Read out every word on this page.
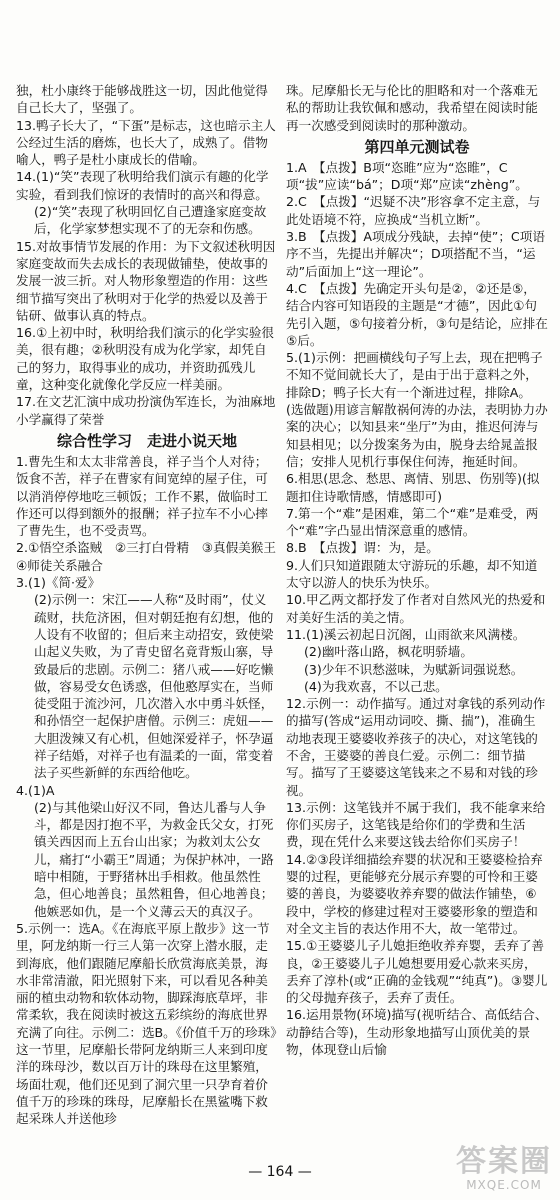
独，杜小康终于能够战胜这一切，因此他觉得自己长大了，坚强了。

13.鸭子长大了，“下蛋”是标志，这也暗示主人公经过生活的磨炼，也长大了，成熟了。借物喻人，鸭子是杜小康成长的借喻。

14.(1)“笑”表现了秋明给我们演示有趣的化学实验，看到我们惊讶的表情时的高兴和得意。

(2)“笑”表现了秋明回忆自己遭逢家庭变故后，化学家梦想实现不了的无奈和伤感。

15.对故事情节发展的作用：为下文叙述秋明因家庭变故而失去成长的表现做铺垫，使故事的发展一波三折。对人物形象塑造的作用：这些细节描写突出了秋明对于化学的热爱以及善于钻研、做事认真的特点。

16.①上初中时，秋明给我们演示的化学实验很美，很有趣；②秋明没有成为化学家，却凭自己的努力，取得事业的成功，并资助孤残儿童，这种变化就像化学反应一样美丽。

17.在文艺汇演中成功扮演伪军连长，为油麻地小学赢得了荣誉

综合性学习　走进小说天地

1.曹先生和太太非常善良，祥子当个人对待；饭食不苦，祥子在曹家有间宽绰的屋子住，可以消消停停地吃三顿饭；工作不累，做临时工作还可以得到额外的报酬；祥子拉车不小心摔了曹先生，也不受责骂。

2.①悟空杀盗贼　②三打白骨精　③真假美猴王　④师徒关系融合

3.(1)《简·爱》

(2)示例一：宋江——人称“及时雨”，仗义疏财，扶危济困，但对朝廷抱有幻想，他的人设有不收留的；但后来主动招安，致使梁山起义失败，为了青史留名竟背叛山寨，导致最后的悲剧。示例二：猪八戒——好吃懒做，容易受女色诱惑，但他憨厚实在，当师徒受阻于流沙河，几次潜入水中勇斗妖怪，和孙悟空一起保护唐僧。示例三：虎妞——大胆泼辣又有心机，但她深爱祥子，怀孕逼祥子结婚，对祥子也有温柔的一面，常变着法子买些新鲜的东西给他吃。

4.(1)A

(2)与其他梁山好汉不同，鲁达儿番与人争斗，都是因打抱不平，为救金氏父女，打死镇关西因而上五台山出家；为救刘太公女儿，痛打“小霸王”周通；为保护林冲，一路暗中相随，于野猪林出手相救。他虽然性急，但心地善良；虽然粗鲁，但心地善良；他嫉恶如仇，是一个义薄云天的真汉子。

5.示例一：选A。《在海底平原上散步》这一节里，阿龙纳斯一行三人第一次穿上潜水服，走到海底，他们跟随尼摩船长欣赏海底美景，海水非常清澈，阳光照射下来，可以看见各种美丽的植虫动物和软体动物，脚踩海底草坪，非常柔软，我在阅读时被这五彩缤纷的海底世界充满了向往。示例二：选B。《价值千万的珍珠》这一节里，尼摩船长带阿龙纳斯三人来到印度洋的珠母沙，数以百万计的珠母在这里繁殖，场面壮观，他们还见到了洞穴里一只孕育着价值千万的珍珠的珠母，尼摩船长在黑鲨嘴下救起采珠人并送他珍

珠。尼摩船长无与伦比的胆略和对一个落难无私的帮助让我钦佩和感动，我希望在阅读时能再一次感受到阅读时的那种激动。

第四单元测试卷

1.A　【点拨】B项“恣睢”应为“恣睢”，C项“拔”应读“bá”；D项“郑”应读“zhèng”。

2.C　【点拨】“迟疑不决”形容拿不定主意，与此处语境不符，应换成“当机立断”。

3.B　【点拨】A项成分残缺，去掉“使”；C项语序不当，先提出并解决“；D项搭配不当，“运动”后面加上“这一理论”。

4.C　【点拨】先确定开头句是②，②还是⑤，结合内容可知语段的主题是“才德”，因此①句先引入题，⑤句接着分析，③句是结论，应排在⑤后。

5.(1)示例：把画横线句子写上去，现在把鸭子不知不觉间就长大了，是由于出于意料之外，排除D；鸭子长大有一个渐进过程，排除A。(选做题)用谚言解散祸何涛的办法，表明协力办案的决心；以知县来“坐厅”为由，推迟何涛与知县相见；以分拨案务为由，脱身去给晁盖报信；安排人见机行事保住何涛，拖延时间。

6.相思(思念、愁思、离情、别思、伤别等)(拟题扣住诗歌情感，情感即可)

7.第一个“难”是困难，第二个“难”是难受，两个“难”字凸显出情深意重的感情。

8.B　【点拨】谓：为，是。

9.人们只知道跟随太守游玩的乐趣，却不知道太守以游人的快乐为快乐。

10.甲乙两文都抒发了作者对自然风光的热爱和对美好生活的美之情。

11.(1)溪云初起日沉阁，山雨欲来风满楼。

(2)幽叶落山路，枫花明骄墙。

(3)少年不识愁滋味，为赋新词强说愁。

(4)为我欢喜，不以己悲。

12.示例一：动作描写。通过对拿钱的系列动作的描写(答成“运用动词咬、撕、揣”)，准确生动地表现王婆婆收养孩子的决心，对这笔钱的不舍，王婆婆的善良仁爱。示例二：细节描写。描写了王婆婆这笔钱来之不易和对钱的珍视。

13.示例：这笔钱并不属于我们，我不能拿来给你们买房子，这笔钱是给你们的学费和生活费，现在凭什么来要这钱去给你们买房子！

14.②③段详细描绘弃婴的状况和王婆婆检拾弃婴的过程，更能够充分展示弃婴的可怜和王婆婆的善良，为婆婆收养弃婴的做法作铺垫，⑥段中，学校的修建过程对王婆婆形象的塑造和对全文主旨的表达作用不大，故一笔带过。

15.①王婆婆儿子儿媳拒绝收养弃婴，丢弃了善良，②王婆婆儿子儿媳想要用爱心款来买房，丢弃了淳朴(或“正确的金钱观”“纯真”)。③婴儿的父母抛弃孩子，丢弃了责任。

16.运用景物(环境)描写(视听结合、高低结合、动静结合等)，生动形象地描写山顶优美的景物，体现登山后愉

— 164 —	答案圈
MXQE.COM
